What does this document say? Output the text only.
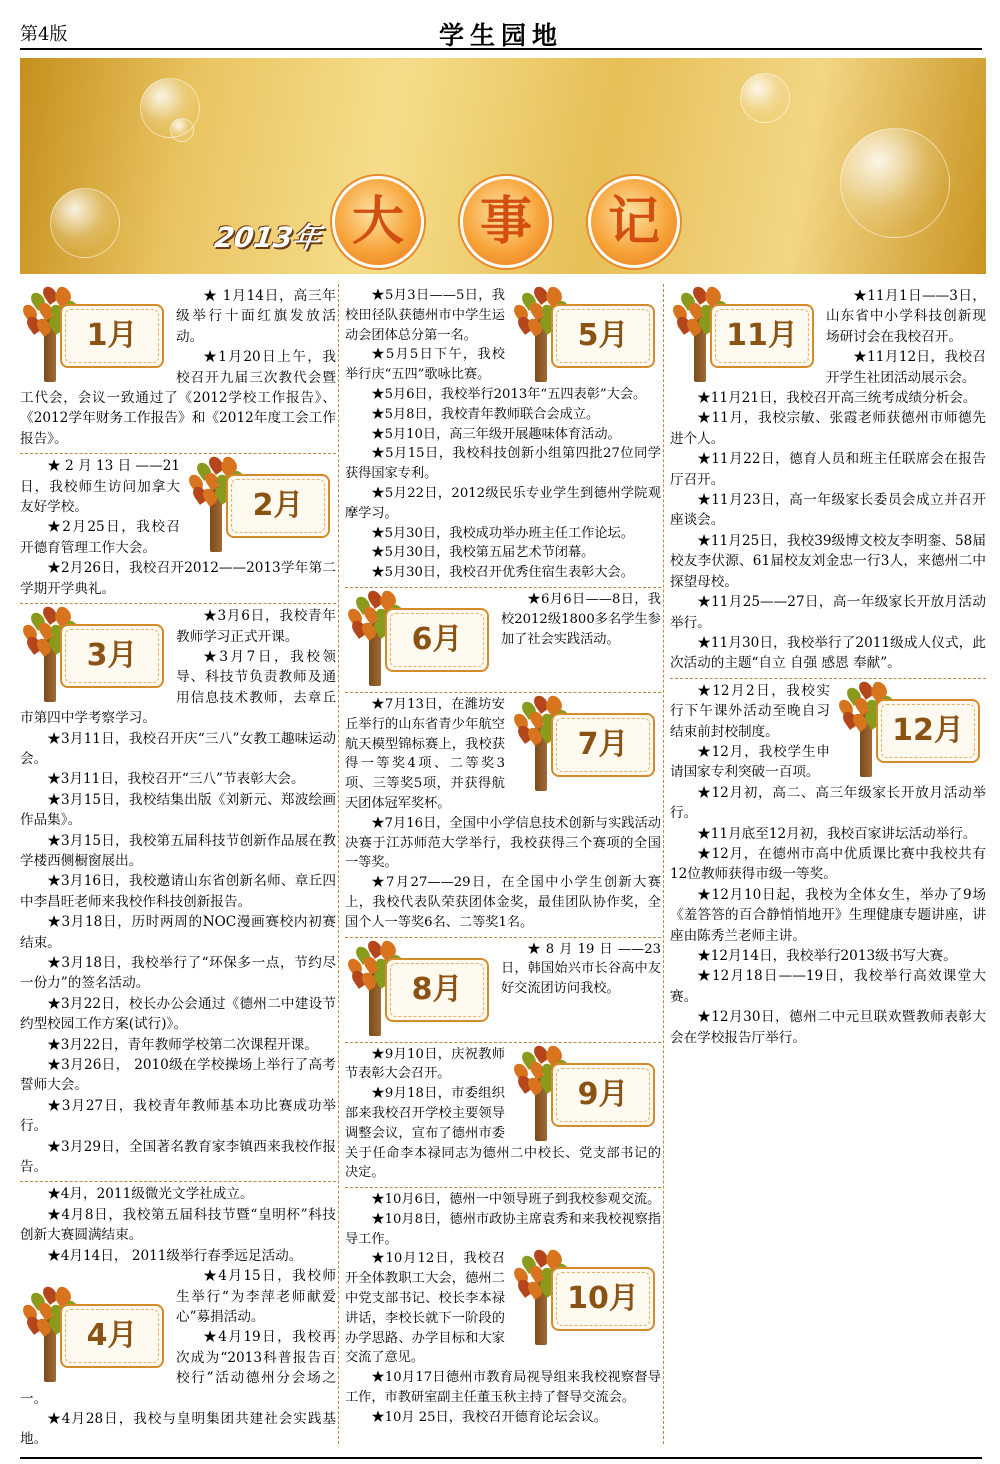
第4版	学生园地
2013年 大	事	记
1月

★ 1月14日，高三年级举行十面红旗发放活动。

★1月20日上午，我校召开九届三次教代会暨工代会，会议一致通过了《2012学校工作报告》、《2012学年财务工作报告》和《2012年度工会工作报告》。

2月

★2月13日——21日，我校师生访问加拿大友好学校。

★2月25日，我校召开德育管理工作大会。

★2月26日，我校召开2012——2013学年第二学期开学典礼。

3月

★3月6日，我校青年教师学习正式开课。

★3月7日，我校领导、科技节负责教师及通用信息技术教师，去章丘市第四中学考察学习。

★3月11日，我校召开庆“三八”女教工趣味运动会。

★3月11日，我校召开“三八”节表彰大会。

★3月15日，我校结集出版《刘新元、郑波绘画作品集》。

★3月15日，我校第五届科技节创新作品展在教学楼西侧橱窗展出。

★3月16日，我校邀请山东省创新名师、章丘四中李昌旺老师来我校作科技创新报告。

★3月18日，历时两周的NOC漫画赛校内初赛结束。

★3月18日，我校举行了“环保多一点，节约尽一份力”的签名活动。

★3月22日，校长办公会通过《德州二中建设节约型校园工作方案(试行)》。

★3月22日，青年教师学校第二次课程开课。

★3月26日， 2010级在学校操场上举行了高考誓师大会。

★3月27日，我校青年教师基本功比赛成功举行。

★3月29日，全国著名教育家李镇西来我校作报告。

★4月，2011级微光文学社成立。

★4月8日，我校第五届科技节暨“皇明杯”科技创新大赛圆满结束。

★4月14日， 2011级举行春季远足活动。

4月

★4月15日，我校师生举行“为李萍老师献爱心”募捐活动。

★4月19日，我校再次成为“2013科普报告百校行”活动德州分会场之一。

★4月28日，我校与皇明集团共建社会实践基地。

5月

★5月3日——5日，我校田径队获德州市中学生运动会团体总分第一名。

★5月5日下午，我校举行庆“五四”歌咏比赛。

★5月6日，我校举行2013年“五四表彰”大会。

★5月8日，我校青年教师联合会成立。

★5月10日，高三年级开展趣味体育活动。

★5月15日，我校科技创新小组第四批27位同学获得国家专利。

★5月22日，2012级民乐专业学生到德州学院观摩学习。

★5月30日，我校成功举办班主任工作论坛。

★5月30日，我校第五届艺术节闭幕。

★5月30日，我校召开优秀住宿生表彰大会。

6月

★6月6日——8日，我校2012级1800多名学生参加了社会实践活动。

7月

★7月13日，在潍坊安丘举行的山东省青少年航空航天模型锦标赛上，我校获得一等奖4项、二等奖3项、三等奖5项，并获得航天团体冠军奖杯。

★7月16日，全国中小学信息技术创新与实践活动决赛于江苏师范大学举行，我校获得三个赛项的全国一等奖。

★7月27——29日，在全国中小学生创新大赛上，我校代表队荣获团体金奖，最佳团队协作奖，全国个人一等奖6名、二等奖1名。

8月

★8月19日——23日，韩国始兴市长谷高中友好交流团访问我校。

9月

★9月10日，庆祝教师节表彰大会召开。

★9月18日，市委组织部来我校召开学校主要领导调整会议，宣布了德州市委关于任命李本禄同志为德州二中校长、党支部书记的决定。

★10月6日，德州一中领导班子到我校参观交流。

★10月8日，德州市政协主席袁秀和来我校视察指导工作。

10月

★10月12日，我校召开全体教职工大会，德州二中党支部书记、校长李本禄讲话，李校长就下一阶段的办学思路、办学目标和大家交流了意见。

★10月17日德州市教育局视导组来我校视察督导工作，市教研室副主任董玉秋主持了督导交流会。

★10月 25日，我校召开德育论坛会议。

11月

★11月1日——3日，山东省中小学科技创新现场研讨会在我校召开。

★11月12日，我校召开学生社团活动展示会。

★11月21日，我校召开高三统考成绩分析会。

★11月，我校宗敏、张霞老师获德州市师德先进个人。

★11月22日，德育人员和班主任联席会在报告厅召开。

★11月23日，高一年级家长委员会成立并召开座谈会。

★11月25日，我校39级博文校友李明銮、58届校友李伏源、61届校友刘金忠一行3人，来德州二中探望母校。

★11月25——27日，高一年级家长开放月活动举行。

★11月30日，我校举行了2011级成人仪式，此次活动的主题“自立 自强 感恩 奉献”。

12月

★12月2日，我校实行下午课外活动至晚自习结束前封校制度。

★12月，我校学生申请国家专利突破一百项。

★12月初，高二、高三年级家长开放月活动举行。

★11月底至12月初，我校百家讲坛活动举行。

★12月，在德州市高中优质课比赛中我校共有12位教师获得市级一等奖。

★12月10日起，我校为全体女生，举办了9场《羞答答的百合静悄悄地开》生理健康专题讲座，讲座由陈秀兰老师主讲。

★12月14日，我校举行2013级书写大赛。

★12月18日——19日，我校举行高效课堂大赛。

★12月30日，德州二中元旦联欢暨教师表彰大会在学校报告厅举行。
